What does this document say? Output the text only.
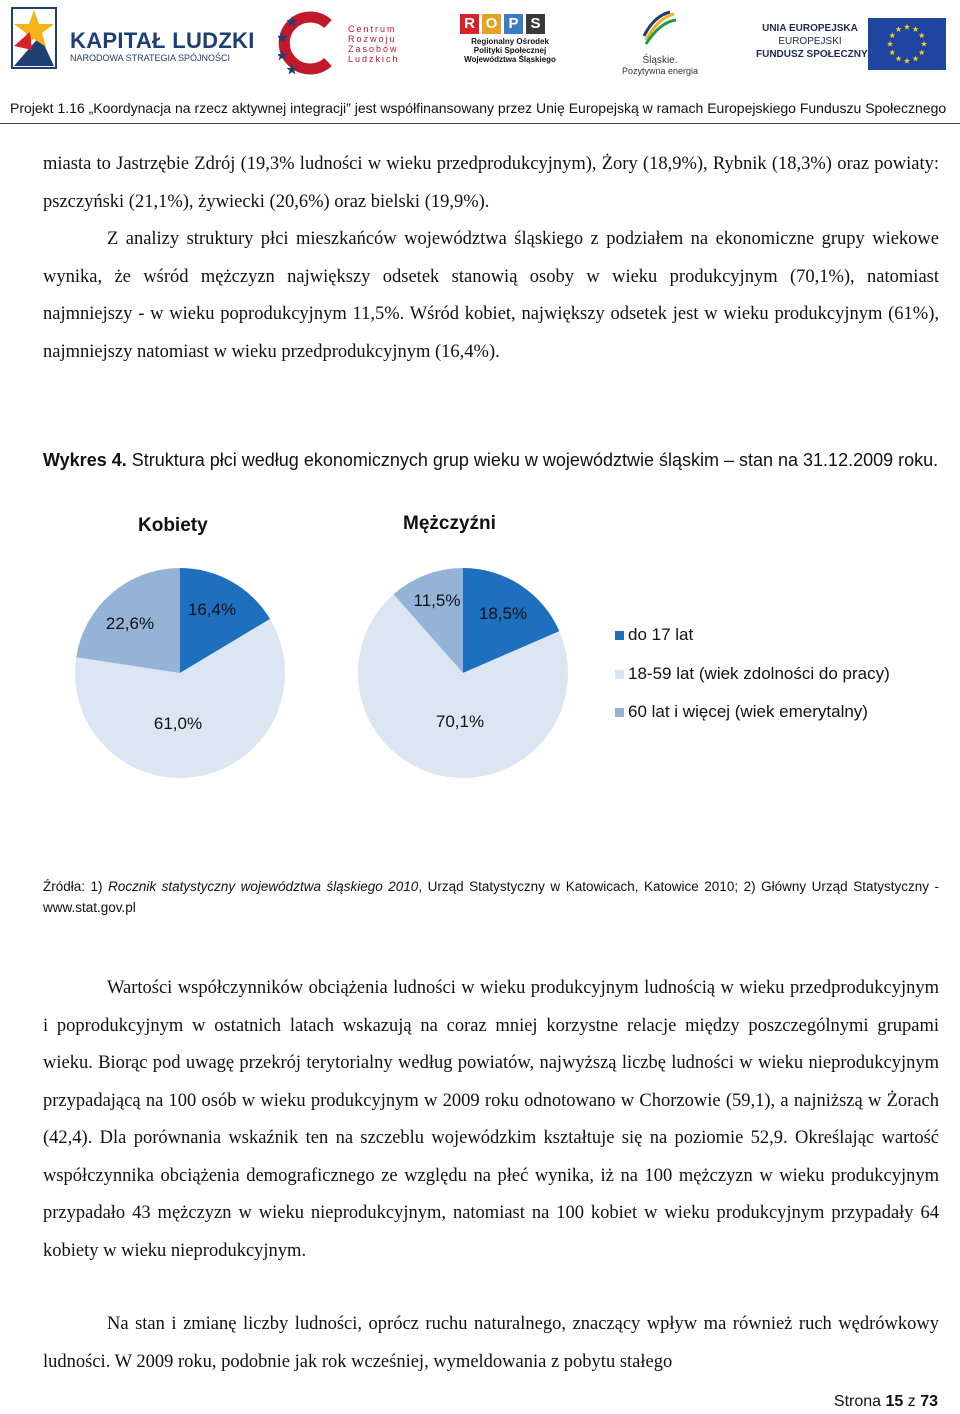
KAPITAŁ LUDZKI
NARODOWA STRATEGIA SPÓJNOŚCI
Centrum
Rozwoju
Zasobów
Ludzkich
R O P S
Regionalny Ośrodek
Polityki Społecznej
Województwa Śląskiego	Śląskie.
Pozytywna energia
UNIA EUROPEJSKA
EUROPEJSKI
FUNDUSZ SPOŁECZNY
Projekt 1.16 „Koordynacja na rzecz aktywnej integracji” jest współfinansowany przez Unię Europejską w ramach Europejskiego Funduszu Społecznego
miasta to Jastrzębie Zdrój (19,3% ludności w wieku przedprodukcyjnym), Żory (18,9%), Rybnik (18,3%) oraz powiaty: pszczyński (21,1%), żywiecki (20,6%) oraz bielski (19,9%).
Z analizy struktury płci mieszkańców województwa śląskiego z podziałem na ekonomiczne grupy wiekowe wynika, że wśród mężczyzn największy odsetek stanowią osoby w wieku produkcyjnym (70,1%), natomiast najmniejszy - w wieku poprodukcyjnym 11,5%. Wśród kobiet, największy odsetek jest w wieku produkcyjnym (61%), najmniejszy natomiast w wieku przedprodukcyjnym (16,4%).
Wykres 4. Struktura płci według ekonomicznych grup wieku w województwie śląskim – stan na 31.12.2009 roku.
Kobiety	Mężczyźni
16,4%
61,0%
22,6%
18,5%
70,1%
11,5%
do 17 lat
18-59 lat (wiek zdolności do pracy)
60 lat i więcej (wiek emerytalny)
Źródła: 1) Rocznik statystyczny województwa śląskiego 2010, Urząd Statystyczny w Katowicach, Katowice 2010; 2) Główny Urząd Statystyczny - www.stat.gov.pl
Wartości współczynników obciążenia ludności w wieku produkcyjnym ludnością w wieku przedprodukcyjnym i poprodukcyjnym w ostatnich latach wskazują na coraz mniej korzystne relacje między poszczególnymi grupami wieku. Biorąc pod uwagę przekrój terytorialny według powiatów, najwyższą liczbę ludności w wieku nieprodukcyjnym przypadającą na 100 osób w wieku produkcyjnym w 2009 roku odnotowano w Chorzowie (59,1), a najniższą w Żorach (42,4). Dla porównania wskaźnik ten na szczeblu wojewódzkim kształtuje się na poziomie 52,9. Określając wartość współczynnika obciążenia demograficznego ze względu na płeć wynika, iż na 100 mężczyzn w wieku produkcyjnym przypadało 43 mężczyzn w wieku nieprodukcyjnym, natomiast na 100 kobiet w wieku produkcyjnym przypadały 64 kobiety w wieku nieprodukcyjnym.
Na stan i zmianę liczby ludności, oprócz ruchu naturalnego, znaczący wpływ ma również ruch wędrówkowy ludności. W 2009 roku, podobnie jak rok wcześniej, wymeldowania z pobytu stałego
Strona 15 z 73
